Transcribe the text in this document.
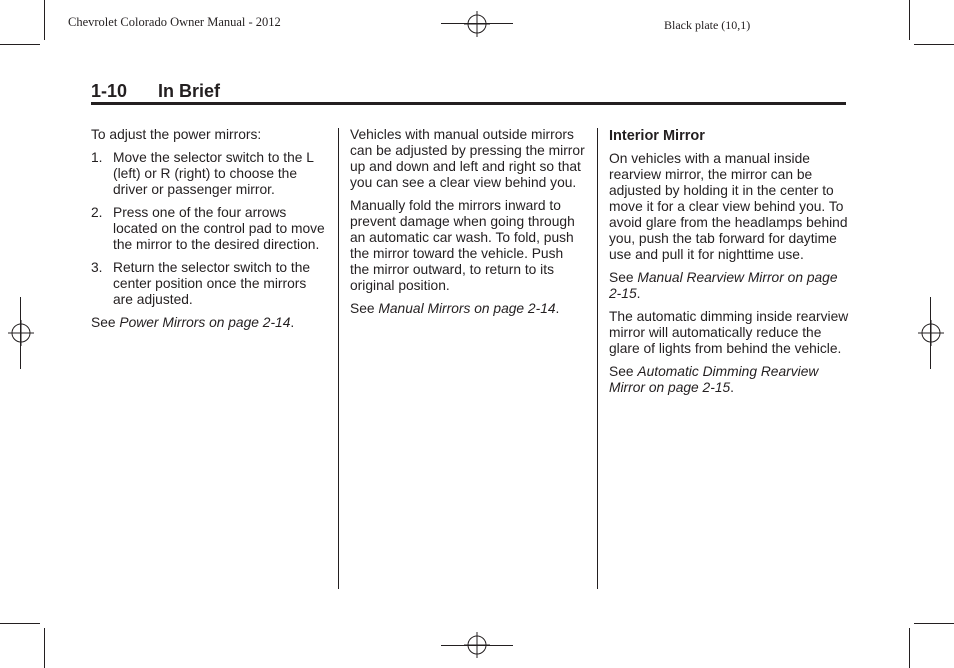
Chevrolet Colorado Owner Manual - 2012	Black plate (10,1)
1-10 In Brief

To adjust the power mirrors:

1. Move the selector switch to the L (left) or R (right) to choose the driver or passenger mirror.
2. Press one of the four arrows located on the control pad to move the mirror to the desired direction.
3. Return the selector switch to the center position once the mirrors are adjusted.

See Power Mirrors on page 2-14.

Vehicles with manual outside mirrors can be adjusted by pressing the mirror up and down and left and right so that you can see a clear view behind you.

Manually fold the mirrors inward to prevent damage when going through an automatic car wash. To fold, push the mirror toward the vehicle. Push the mirror outward, to return to its original position.

See Manual Mirrors on page 2-14.

Interior Mirror

On vehicles with a manual inside rearview mirror, the mirror can be adjusted by holding it in the center to move it for a clear view behind you. To avoid glare from the headlamps behind you, push the tab forward for daytime use and pull it for nighttime use.

See Manual Rearview Mirror on page 2-15.

The automatic dimming inside rearview mirror will automatically reduce the glare of lights from behind the vehicle.

See Automatic Dimming Rearview Mirror on page 2-15.
